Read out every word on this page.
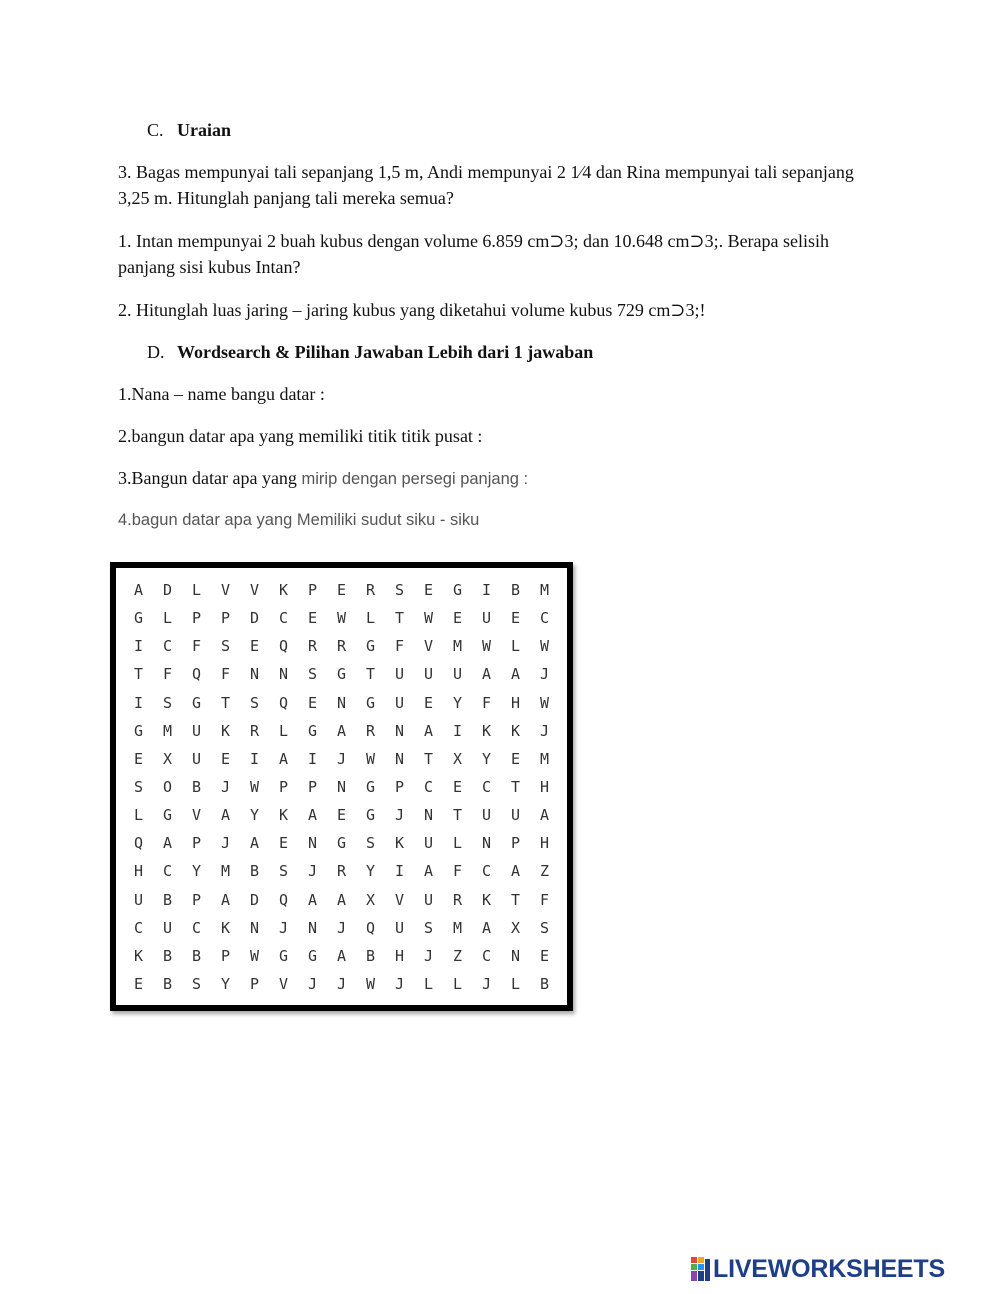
C. Uraian

3. Bagas mempunyai tali sepanjang 1,5 m, Andi mempunyai 2 1⁄4 dan Rina mempunyai tali sepanjang 3,25 m. Hitunglah panjang tali mereka semua?

1. Intan mempunyai 2 buah kubus dengan volume 6.859 cm⊃3; dan 10.648 cm⊃3;. Berapa selisih panjang sisi kubus Intan?

2. Hitunglah luas jaring – jaring kubus yang diketahui volume kubus 729 cm⊃3;!

D. Wordsearch & Pilihan Jawaban Lebih dari 1 jawaban

1.Nana – name bangu datar :

2.bangun datar apa yang memiliki titik titik pusat :

3.Bangun datar apa yang mirip dengan persegi panjang :

4.bagun datar apa yang Memiliki sudut siku - siku

A	D	L	V	V	K	P	E	R	S	E	G	I	B	M
G	L	P	P	D	C	E	W	L	T	W	E	U	E	C
I	C	F	S	E	Q	R	R	G	F	V	M	W	L	W
T	F	Q	F	N	N	S	G	T	U	U	U	A	A	J
I	S	G	T	S	Q	E	N	G	U	E	Y	F	H	W
G	M	U	K	R	L	G	A	R	N	A	I	K	K	J
E	X	U	E	I	A	I	J	W	N	T	X	Y	E	M
S	O	B	J	W	P	P	N	G	P	C	E	C	T	H
L	G	V	A	Y	K	A	E	G	J	N	T	U	U	A
Q	A	P	J	A	E	N	G	S	K	U	L	N	P	H
H	C	Y	M	B	S	J	R	Y	I	A	F	C	A	Z
U	B	P	A	D	Q	A	A	X	V	U	R	K	T	F
C	U	C	K	N	J	N	J	Q	U	S	M	A	X	S
K	B	B	P	W	G	G	A	B	H	J	Z	C	N	E
E	B	S	Y	P	V	J	J	W	J	L	L	J	L	B
LIVEWORKSHEETS
